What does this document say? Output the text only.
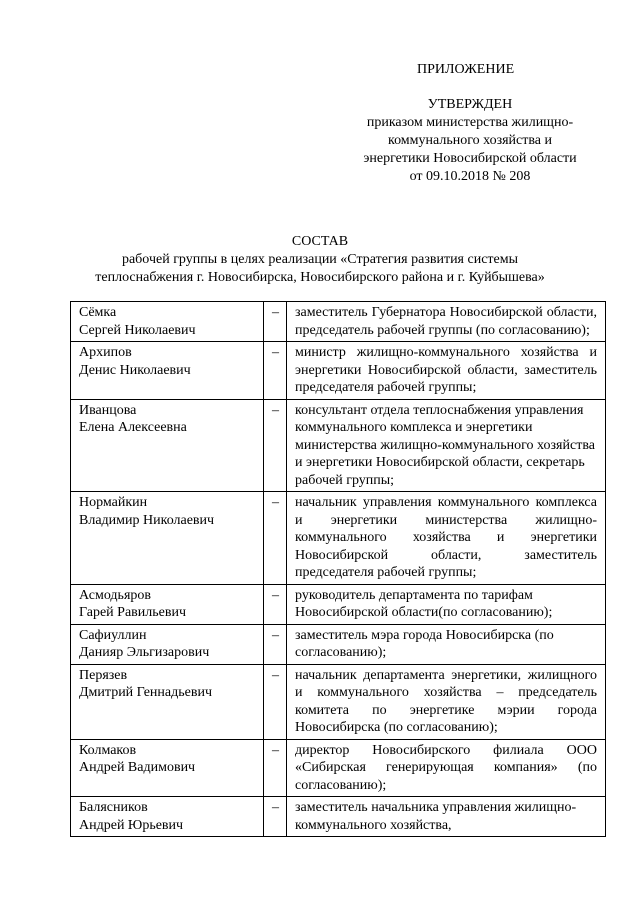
ПРИЛОЖЕНИЕ
УТВЕРЖДЕН
приказом министерства жилищно-
коммунального хозяйства и
энергетики Новосибирской области
от 09.10.2018 № 208
СОСТАВ
рабочей группы в целях реализации «Стратегия развития системы
теплоснабжения г. Новосибирска, Новосибирского района и г. Куйбышева»
Сёмка
Сергей Николаевич	–	заместитель Губернатора Новосибирской области, председатель рабочей группы (по согласованию);

Архипов
Денис Николаевич	–	министр жилищно-коммунального хозяйства и энергетики Новосибирской области, заместитель председателя рабочей группы;

Иванцова
Елена Алексеевна	–	консультант отдела теплоснабжения управления коммунального комплекса и энергетики министерства жилищно-коммунального хозяйства и энергетики Новосибирской области, секретарь рабочей группы;

Нормайкин
Владимир Николаевич	–	начальник управления коммунального комплекса и энергетики министерства жилищно-коммунального хозяйства и энергетики Новосибирской области, заместитель председателя рабочей группы;

Асмодьяров
Гарей Равильевич	–	руководитель департамента по тарифам Новосибирской области(по согласованию);

Сафиуллин
Данияр Эльгизарович	–	заместитель мэра города Новосибирска (по согласованию);

Перязев
Дмитрий Геннадьевич	–	начальник департамента энергетики, жилищного и коммунального хозяйства – председатель комитета по энергетике мэрии города Новосибирска (по согласованию);

Колмаков
Андрей Вадимович	–	директор Новосибирского филиала ООО «Сибирская генерирующая компания» (по согласованию);

Балясников
Андрей Юрьевич	–	заместитель начальника управления жилищно-коммунального хозяйства,
